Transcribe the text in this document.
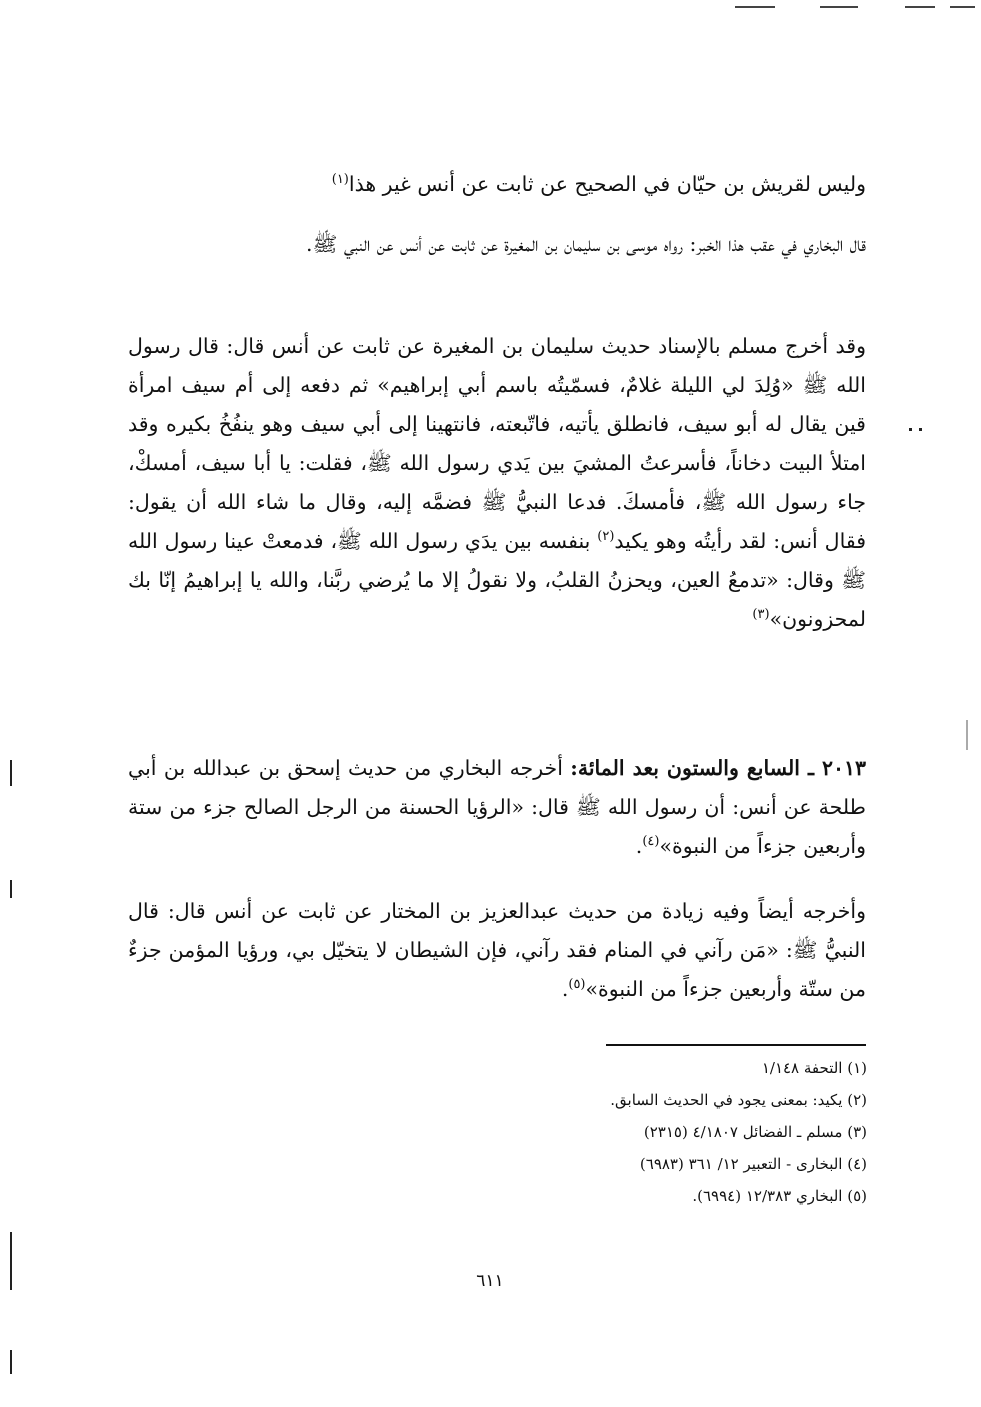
وليس لقريش بن حيّان في الصحيح عن ثابت عن أنس غير هذا$^{(١)}$

قال البخاري في عقب هذا الخبر: رواه موسى بن سليمان بن المغيرة عن ثابت عن أنس عن النبي ﷺ.

وقد أخرج مسلم بالإسناد حديث سليمان بن المغيرة عن ثابت عن أنس قال: قال رسول الله ﷺ «وُلِدَ لي الليلة غلامٌ، فسمّيتُه باسم أبي إبراهيم» ثم دفعه إلى أم سيف امرأة قين يقال له أبو سيف، فانطلق يأتيه، فاتّبعته، فانتهينا إلى أبي سيف وهو ينفُخُ بكيره وقد امتلأ البيت دخاناً، فأسرعتُ المشيَ بين يَدي رسول الله ﷺ، فقلت: يا أبا سيف، أمسكْ، جاء رسول الله ﷺ، فأمسكَ. فدعا النبيُّ ﷺ فضمَّه إليه، وقال ما شاء الله أن يقول: فقال أنس: لقد رأيتُه وهو يكيد$^{(٢)}$ بنفسه بين يدَي رسول الله ﷺ، فدمعتْ عينا رسول الله ﷺ وقال: «تدمعُ العين، ويحزنُ القلبُ، ولا نقولُ إلا ما يُرضي ربَّنا، والله يا إبراهيمُ إنّا بك لمحزونون»$^{(٣)}$

٢٠١٣ ـ السابع والستون بعد المائة: أخرجه البخاري من حديث إسحق بن عبدالله بن أبي طلحة عن أنس: أن رسول الله ﷺ قال: «الرؤيا الحسنة من الرجل الصالح جزء من ستة وأربعين جزءاً من النبوة»$^{(٤)}$.

وأخرجه أيضاً وفيه زيادة من حديث عبدالعزيز بن المختار عن ثابت عن أنس قال: قال النبيُّ ﷺ: «مَن رآني في المنام فقد رآني، فإن الشيطان لا يتخيّل بي، ورؤيا المؤمن جزءٌ من ستّة وأربعين جزءاً من النبوة»$^{(٥)}$.

(١) التحفة ١/١٤٨
(٢) يكيد: بمعنى يجود في الحديث السابق.
(٣) مسلم ـ الفضائل ٤/١٨٠٧ (٢٣١٥)
(٤) البخارى - التعبير ١٢/ ٣٦١ (٦٩٨٣)
(٥) البخاري ١٢/٣٨٣ (٦٩٩٤).
٦١١
